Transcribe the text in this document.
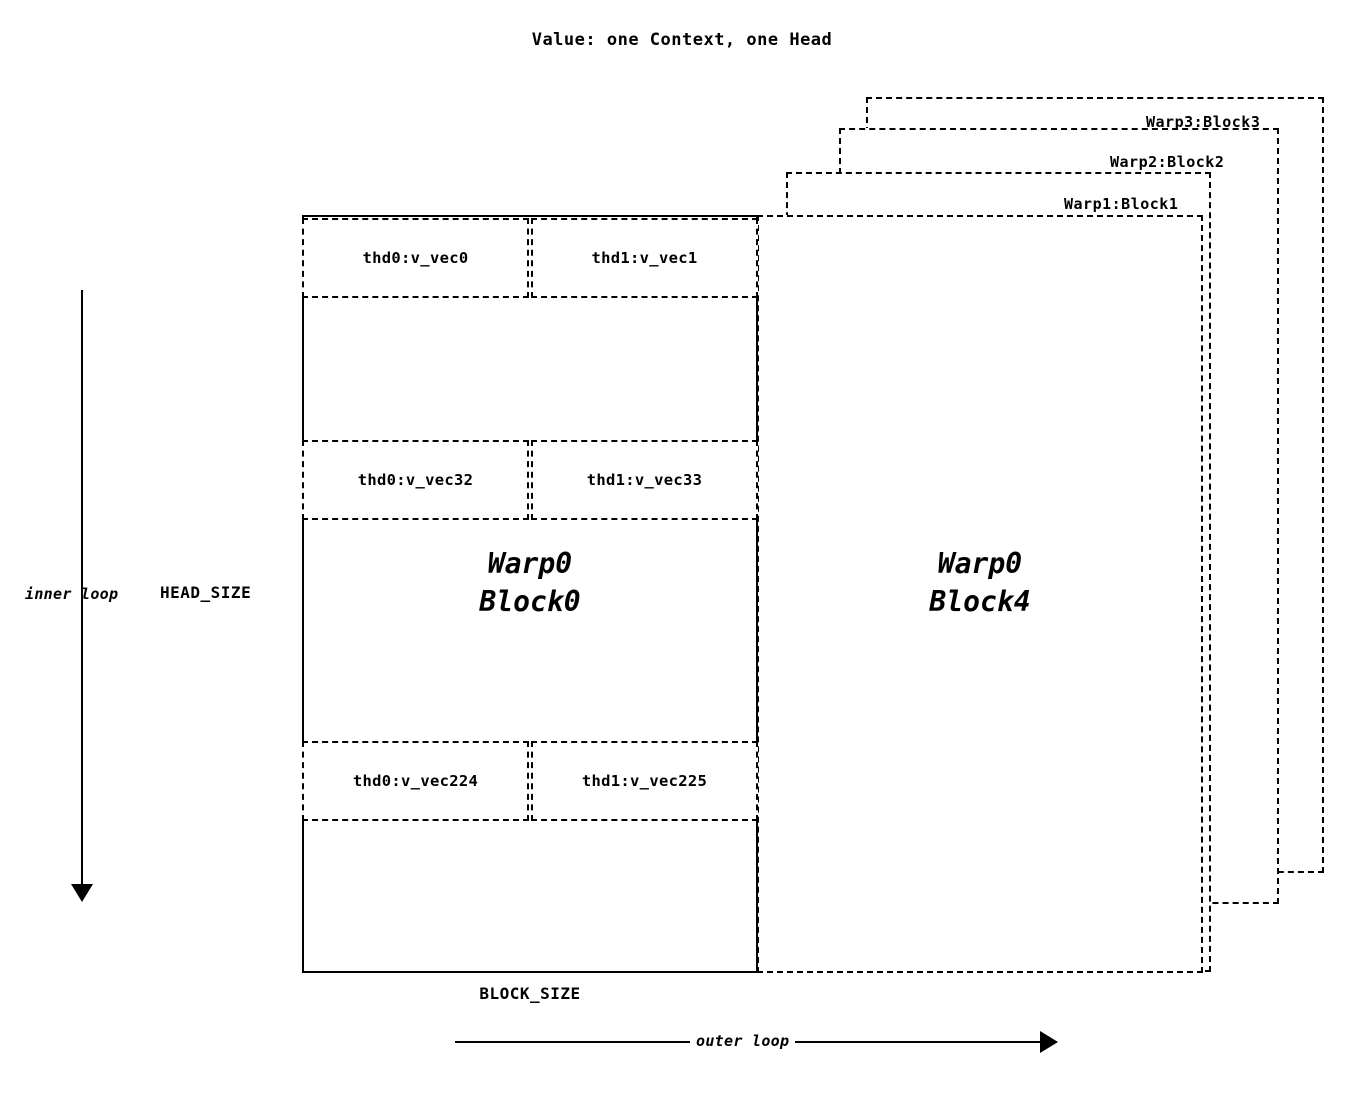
Value: one Context, one Head
Warp3:Block3
Warp2:Block2
Warp1:Block1
Warp0
Block4
Warp0
Block0
thd0:v_vec0	thd1:v_vec1
thd0:v_vec32	thd1:v_vec33
thd0:v_vec224	thd1:v_vec225
inner loop	HEAD_SIZE
BLOCK_SIZE
outer loop
